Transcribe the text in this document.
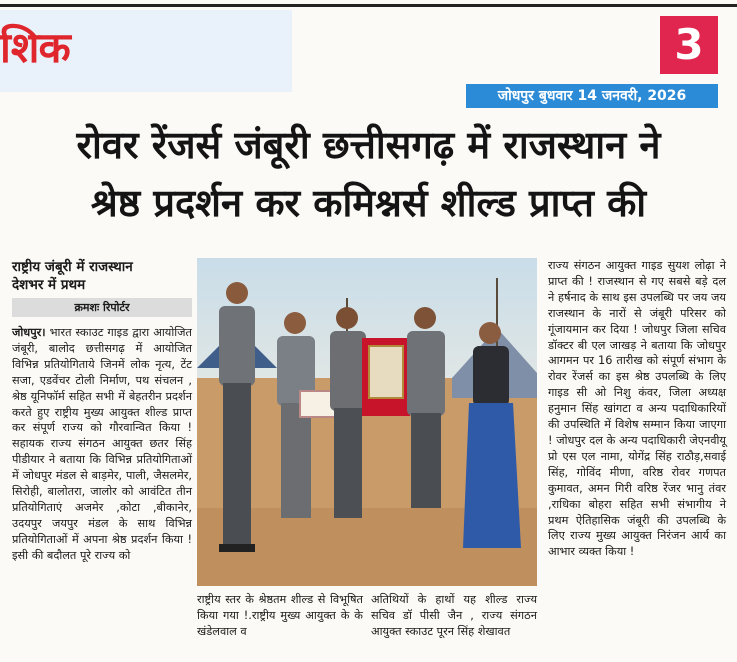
शिक	3
जोधपुर बुधवार 14 जनवरी, 2026
रोवर रेंजर्स जंबूरी छत्तीसगढ़ में राजस्थान ने
श्रेष्ठ प्रदर्शन कर कमिश्नर्स शील्ड प्राप्त की
राष्ट्रीय जंबूरी में राजस्थान
देशभर में प्रथम
क्रमशः रिपोर्टर

जोधपुर। भारत स्काउट गाइड द्वारा आयोजित जंबूरी, बालोद छत्तीसगढ़ में आयोजित विभिन्न प्रतियोगिताये जिनमें लोक नृत्य, टेंट सजा, एडवेंचर टोली निर्माण, पथ संचलन , श्रेष्ठ यूनिफॉर्म सहित सभी में बेहतरीन प्रदर्शन करते हुए राष्ट्रीय मुख्य आयुक्त शील्ड प्राप्त कर संपूर्ण राज्य को गौरवान्वित किया ! सहायक राज्य संगठन आयुक्त छतर सिंह पीडीयार ने बताया कि विभिन्न प्रतियोगिताओं में जोधपुर मंडल से बाड़मेर, पाली, जैसलमेर, सिरोही, बालोतरा, जालोर को आवंटित तीन प्रतियोगिताएं अजमेर ,कोटा ,बीकानेर, उदयपुर जयपुर मंडल के साथ विभिन्न प्रतियोगिताओं में अपना श्रेष्ठ प्रदर्शन किया ! इसी की बदौलत पूरे राज्य को

राष्ट्रीय स्तर के श्रेष्ठतम शील्ड से विभूषित किया गया !.राष्ट्रीय मुख्य आयुक्त के के खंडेलवाल व

अतिथियों के हाथों यह शील्ड राज्य सचिव डॉ पीसी जैन , राज्य संगठन आयुक्त स्काउट पूरन सिंह शेखावत

राज्य संगठन आयुक्त गाइड सुयश लोढ़ा ने प्राप्त की ! राजस्थान से गए सबसे बड़े दल ने हर्षनाद के साथ इस उपलब्धि पर जय जय राजस्थान के नारों से जंबूरी परिसर को गूंजायमान कर दिया ! जोधपुर जिला सचिव डॉक्टर बी एल जाखड़ ने बताया कि जोधपुर आगमन पर 16 तारीख को संपूर्ण संभाग के रोवर रेंजर्स का इस श्रेष्ठ उपलब्धि के लिए गाइड सी ओ निशु कंवर, जिला अध्यक्ष हनुमान सिंह खांगटा व अन्य पदाधिकारियों की उपस्थिति में विशेष सम्मान किया जाएगा ! जोधपुर दल के अन्य पदाधिकारी जेएनवीयू प्रो एस एल नामा, योगेंद्र सिंह राठौड़,सवाई सिंह, गोविंद मीणा, वरिष्ठ रोवर गणपत कुमावत, अमन गिरी वरिष्ठ रेंजर भानु तंवर ,राधिका बोहरा सहित सभी संभागीय ने प्रथम ऐतिहासिक जंबूरी की उपलब्धि के लिए राज्य मुख्य आयुक्त निरंजन आर्य का आभार व्यक्त किया !
